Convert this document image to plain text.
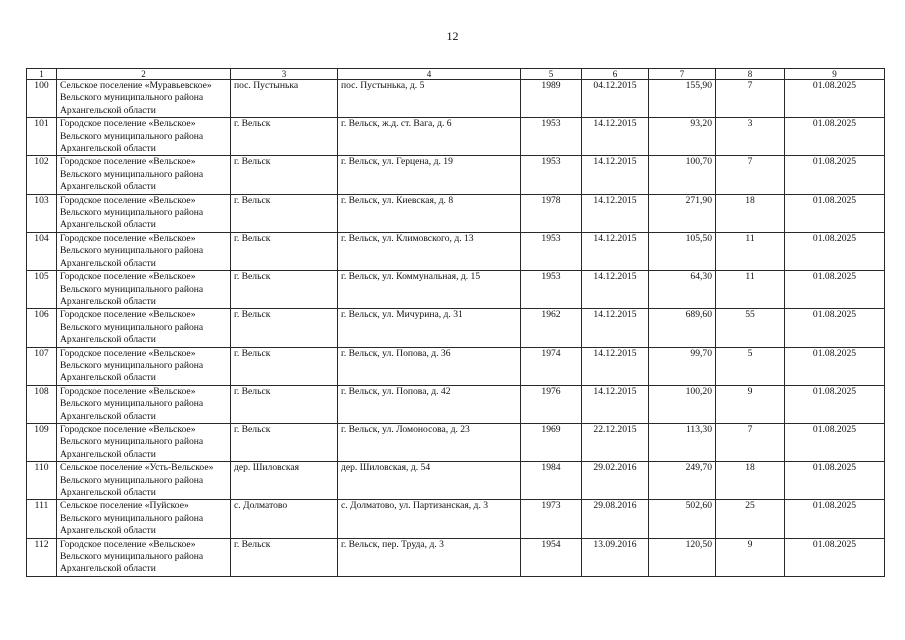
12
1	2	3	4	5	6	7	8	9
100	Сельское поселение «Муравьевское» Вельского муниципального района Архангельской области	пос. Пустынька	пос. Пустынька, д. 5	1989	04.12.2015	155,90	7	01.08.2025
101	Городское поселение «Вельское» Вельского муниципального района Архангельской области	г. Вельск	г. Вельск, ж.д. ст. Вага, д. 6	1953	14.12.2015	93,20	3	01.08.2025
102	Городское поселение «Вельское» Вельского муниципального района Архангельской области	г. Вельск	г. Вельск, ул. Герцена, д. 19	1953	14.12.2015	100,70	7	01.08.2025
103	Городское поселение «Вельское» Вельского муниципального района Архангельской области	г. Вельск	г. Вельск, ул. Киевская, д. 8	1978	14.12.2015	271,90	18	01.08.2025
104	Городское поселение «Вельское» Вельского муниципального района Архангельской области	г. Вельск	г. Вельск, ул. Климовского, д. 13	1953	14.12.2015	105,50	11	01.08.2025
105	Городское поселение «Вельское» Вельского муниципального района Архангельской области	г. Вельск	г. Вельск, ул. Коммунальная, д. 15	1953	14.12.2015	64,30	11	01.08.2025
106	Городское поселение «Вельское» Вельского муниципального района Архангельской области	г. Вельск	г. Вельск, ул. Мичурина, д. 31	1962	14.12.2015	689,60	55	01.08.2025
107	Городское поселение «Вельское» Вельского муниципального района Архангельской области	г. Вельск	г. Вельск, ул. Попова, д. 36	1974	14.12.2015	99,70	5	01.08.2025
108	Городское поселение «Вельское» Вельского муниципального района Архангельской области	г. Вельск	г. Вельск, ул. Попова, д. 42	1976	14.12.2015	100,20	9	01.08.2025
109	Городское поселение «Вельское» Вельского муниципального района Архангельской области	г. Вельск	г. Вельск, ул. Ломоносова, д. 23	1969	22.12.2015	113,30	7	01.08.2025
110	Сельское поселение «Усть-Вельское» Вельского муниципального района Архангельской области	дер. Шиловская	дер. Шиловская, д. 54	1984	29.02.2016	249,70	18	01.08.2025
111	Сельское поселение «Пуйское» Вельского муниципального района Архангельской области	с. Долматово	с. Долматово, ул. Партизанская, д. 3	1973	29.08.2016	502,60	25	01.08.2025
112	Городское поселение «Вельское» Вельского муниципального района Архангельской области	г. Вельск	г. Вельск, пер. Труда, д. 3	1954	13.09.2016	120,50	9	01.08.2025
